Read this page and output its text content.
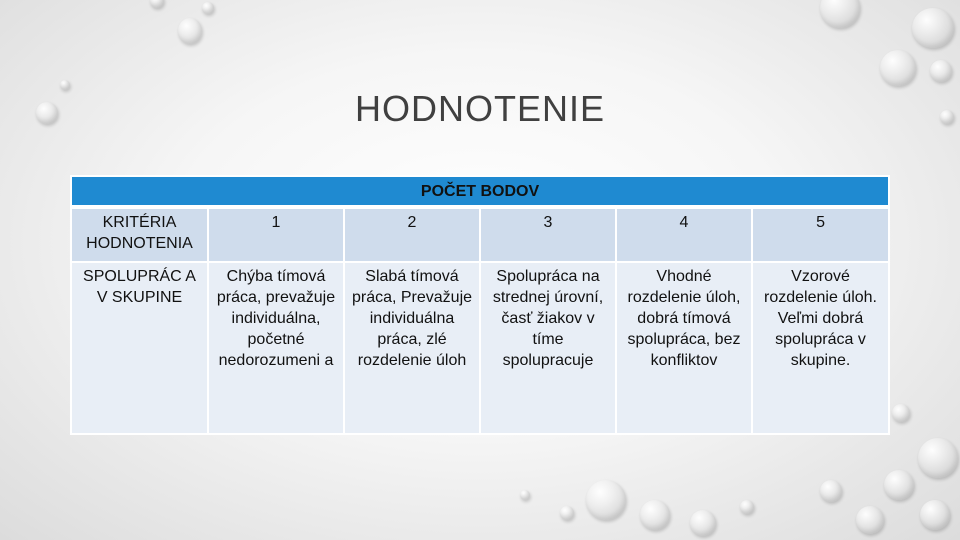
HODNOTENIE
POČET BODOV					
KRITÉRIA HODNOTENIA	1	2	3	4	5
SPOLUPRÁC A V SKUPINE	Chýba tímová práca, prevažuje individuálna, početné nedorozumeni a	Slabá tímová práca, Prevažuje individuálna práca, zlé rozdelenie úloh	Spolupráca na strednej úrovní, časť žiakov v tíme spolupracuje	Vhodné rozdelenie úloh, dobrá tímová spolupráca, bez konfliktov	Vzorové rozdelenie úloh. Veľmi dobrá spolupráca v skupine.
